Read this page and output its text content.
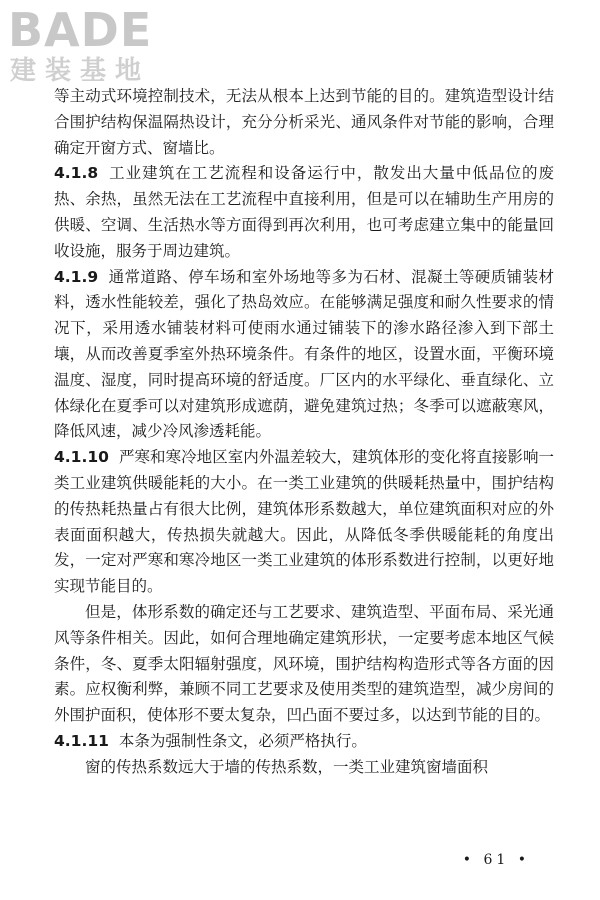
BADE
建装基地

等主动式环境控制技术，无法从根本上达到节能的目的。建筑造型设计结合围护结构保温隔热设计，充分分析采光、通风条件对节能的影响，合理确定开窗方式、窗墙比。

4.1.8 工业建筑在工艺流程和设备运行中，散发出大量中低品位的废热、余热，虽然无法在工艺流程中直接利用，但是可以在辅助生产用房的供暖、空调、生活热水等方面得到再次利用，也可考虑建立集中的能量回收设施，服务于周边建筑。

4.1.9 通常道路、停车场和室外场地等多为石材、混凝土等硬质铺装材料，透水性能较差，强化了热岛效应。在能够满足强度和耐久性要求的情况下，采用透水铺装材料可使雨水通过铺装下的渗水路径渗入到下部土壤，从而改善夏季室外热环境条件。有条件的地区，设置水面，平衡环境温度、湿度，同时提高环境的舒适度。厂区内的水平绿化、垂直绿化、立体绿化在夏季可以对建筑形成遮荫，避免建筑过热；冬季可以遮蔽寒风，降低风速，减少冷风渗透耗能。

4.1.10 严寒和寒冷地区室内外温差较大，建筑体形的变化将直接影响一类工业建筑供暖能耗的大小。在一类工业建筑的供暖耗热量中，围护结构的传热耗热量占有很大比例，建筑体形系数越大，单位建筑面积对应的外表面面积越大，传热损失就越大。因此，从降低冬季供暖能耗的角度出发，一定对严寒和寒冷地区一类工业建筑的体形系数进行控制，以更好地实现节能目的。

但是，体形系数的确定还与工艺要求、建筑造型、平面布局、采光通风等条件相关。因此，如何合理地确定建筑形状，一定要考虑本地区气候条件，冬、夏季太阳辐射强度，风环境，围护结构构造形式等各方面的因素。应权衡利弊，兼顾不同工艺要求及使用类型的建筑造型，减少房间的外围护面积，使体形不要太复杂，凹凸面不要过多，以达到节能的目的。

4.1.11 本条为强制性条文，必须严格执行。

窗的传热系数远大于墙的传热系数，一类工业建筑窗墙面积

• 61 •
